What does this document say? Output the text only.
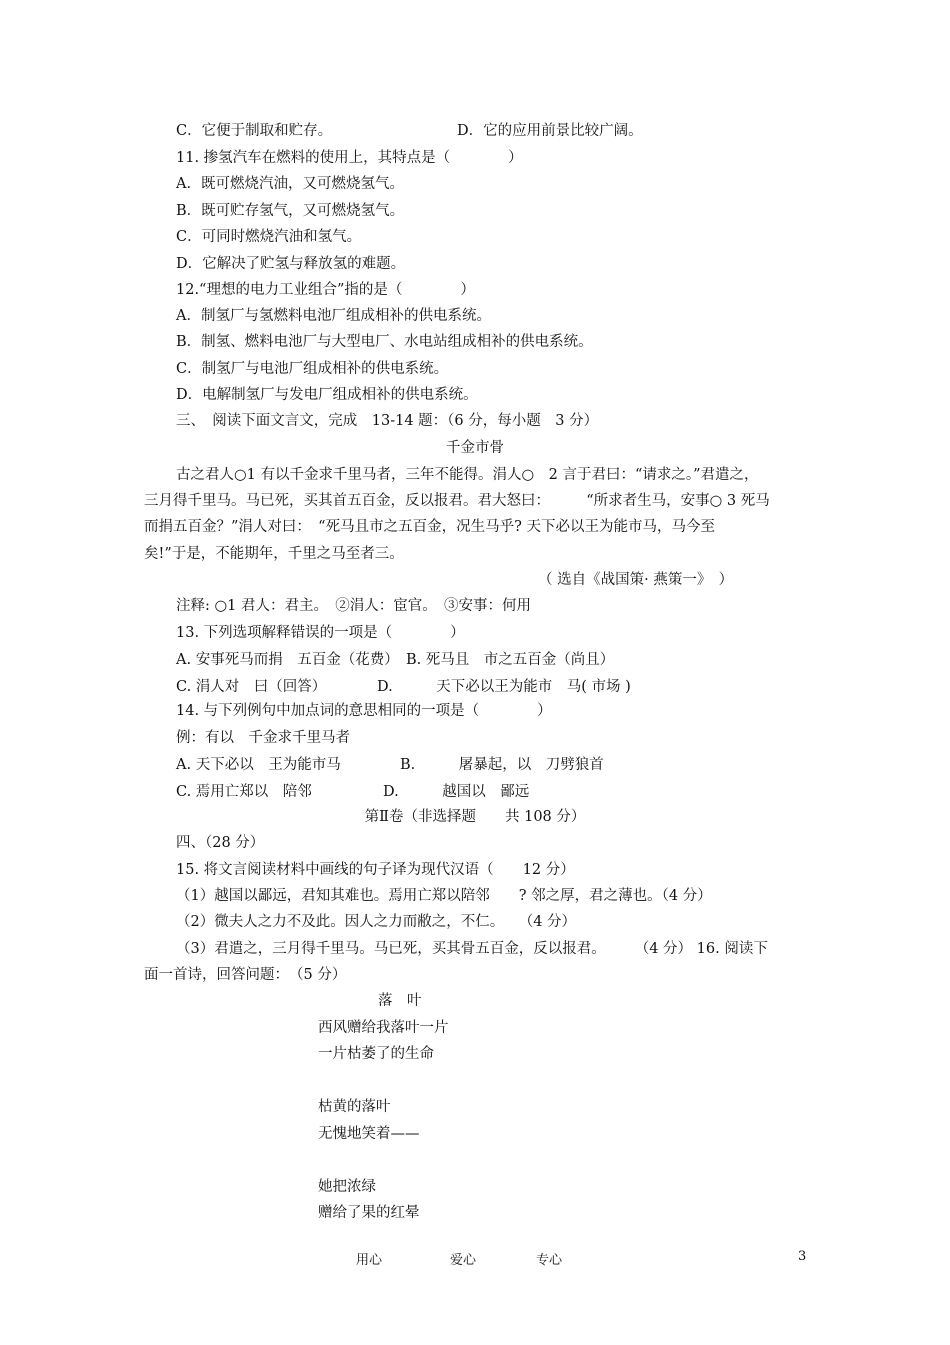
C．它便于制取和贮存。	D．它的应用前景比较广阔。
11. 掺氢汽车在燃料的使用上，其特点是（　　　　）
A．既可燃烧汽油，又可燃烧氢气。
B．既可贮存氢气，又可燃烧氢气。
C．可同时燃烧汽油和氢气。
D．它解决了贮氢与释放氢的难题。
12.“理想的电力工业组合”指的是（　　　　）
A．制氢厂与氢燃料电池厂组成相补的供电系统。
B．制氢、燃料电池厂与大型电厂、水电站组成相补的供电系统。
C．制氢厂与电池厂组成相补的供电系统。
D．电解制氢厂与发电厂组成相补的供电系统。
三、　阅读下面文言文，完成　13-14 题：（6 分，每小题　3 分）
千金市骨
古之君人○1 有以千金求千里马者，三年不能得。涓人○　2 言于君曰：“请求之。”君遣之，
三月得千里马。马已死，买其首五百金，反以报君。君大怒曰：　　　“所求者生马，安事○ 3 死马
而捐五百金？”涓人对曰：　“死马且市之五百金，况生马乎? 天下必以王为能市马，马今至
矣!”于是，不能期年，千里之马至者三。
（ 选自《战国策· 燕策一》　）
注释: ○1 君人：君主。　②涓人：宦官。　③安事：何用
13. 下列选项解释错误的一项是（　　　　）
A. 安事死马而捐　五百金（花费）　B. 死马且　市之五百金（尚且）
C. 涓人对　曰（回答）　　　　D.　　　天下必以王为能市　马( 市场 )
14. 与下列例句中加点词的意思相同的一项是（　　　　）
例：有以　千金求千里马者
A. 天下必以　王为能市马	B.　　　屠暴起，以　刀劈狼首
C. 焉用亡郑以　陪邻	D.　　　越国以　鄙远
第Ⅱ卷（非选择题　　共 108 分）
四、（28 分）
15. 将文言阅读材料中画线的句子译为现代汉语（　　12 分）
（1）越国以鄙远，君知其难也。焉用亡郑以陪邻　　? 邻之厚，君之薄也。（4 分）
（2）微夫人之力不及此。因人之力而敝之，不仁。　　（4 分）
（3）君遣之，三月得千里马。马已死，买其骨五百金，反以报君。　　　（4 分） 16. 阅读下
面一首诗，回答问题：　（5 分）
落　叶
西风赠给我落叶一片
一片枯萎了的生命
枯黄的落叶
无愧地笑着——
她把浓绿
赠给了果的红晕
用心	爱心	专心	3
